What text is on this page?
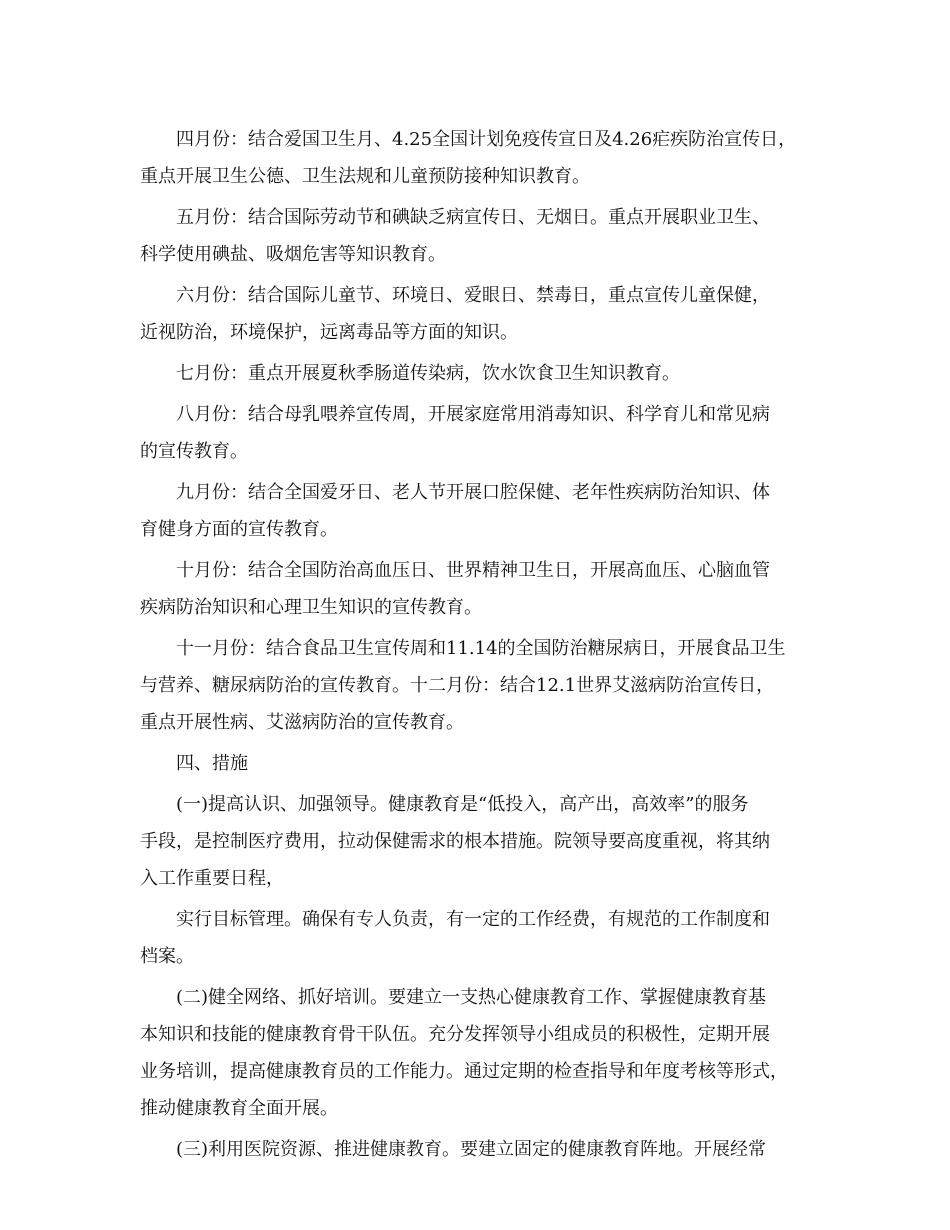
四月份：结合爱国卫生月、4.25全国计划免疫传宣日及4.26疟疾防治宣传日，
重点开展卫生公德、卫生法规和儿童预防接种知识教育。
五月份：结合国际劳动节和碘缺乏病宣传日、无烟日。重点开展职业卫生、
科学使用碘盐、吸烟危害等知识教育。
六月份：结合国际儿童节、环境日、爱眼日、禁毒日，重点宣传儿童保健，
近视防治，环境保护，远离毒品等方面的知识。
七月份：重点开展夏秋季肠道传染病，饮水饮食卫生知识教育。
八月份：结合母乳喂养宣传周，开展家庭常用消毒知识、科学育儿和常见病
的宣传教育。
九月份：结合全国爱牙日、老人节开展口腔保健、老年性疾病防治知识、体
育健身方面的宣传教育。
十月份：结合全国防治高血压日、世界精神卫生日，开展高血压、心脑血管
疾病防治知识和心理卫生知识的宣传教育。
十一月份：结合食品卫生宣传周和11.14的全国防治糖尿病日，开展食品卫生
与营养、糖尿病防治的宣传教育。十二月份：结合12.1世界艾滋病防治宣传日，
重点开展性病、艾滋病防治的宣传教育。
四、措施
(一)提高认识、加强领导。健康教育是“低投入，高产出，高效率”的服务
手段，是控制医疗费用，拉动保健需求的根本措施。院领导要高度重视，将其纳
入工作重要日程，
实行目标管理。确保有专人负责，有一定的工作经费，有规范的工作制度和
档案。
(二)健全网络、抓好培训。要建立一支热心健康教育工作、掌握健康教育基
本知识和技能的健康教育骨干队伍。充分发挥领导小组成员的积极性，定期开展
业务培训，提高健康教育员的工作能力。通过定期的检查指导和年度考核等形式，
推动健康教育全面开展。
(三)利用医院资源、推进健康教育。要建立固定的健康教育阵地。开展经常
